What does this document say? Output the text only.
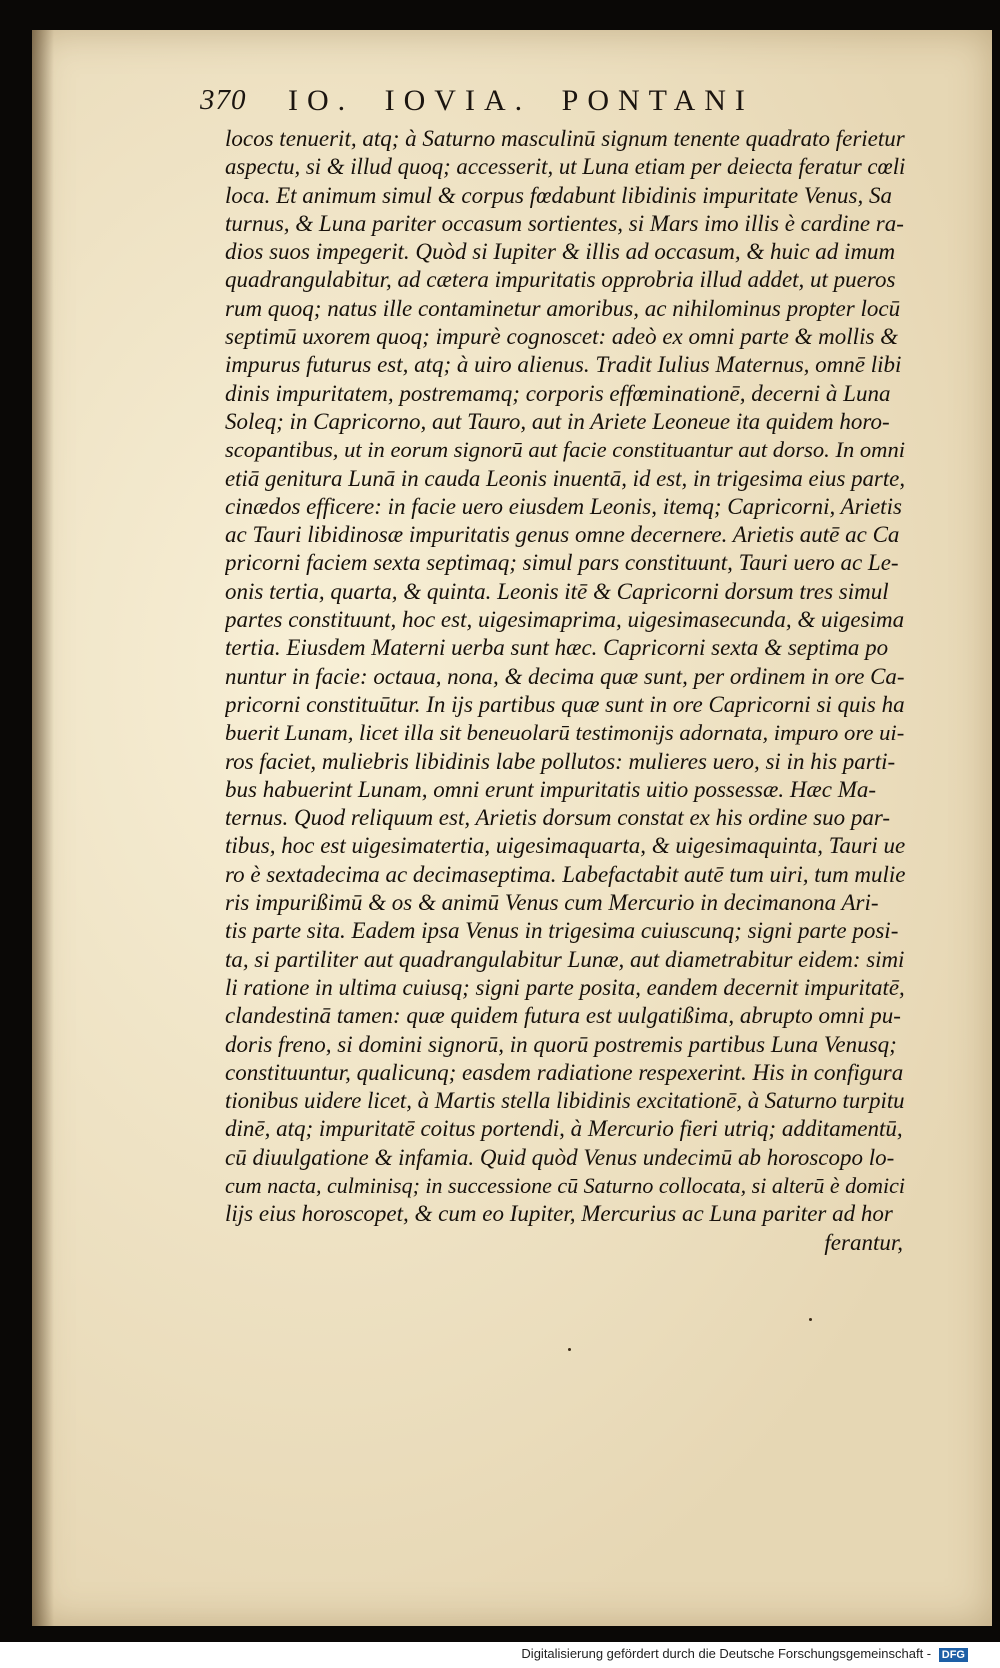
370 IO. IOVIA. PONTANI
locos tenuerit, atq; à Saturno masculinū signum tenente quadrato ferietur
aspectu, si & illud quoq; accesserit, ut Luna etiam per deiecta feratur cœli
loca. Et animum simul & corpus fœdabunt libidinis impuritate Venus, Sa
turnus, & Luna pariter occasum sortientes, si Mars imo illis è cardine ra-
dios suos impegerit. Quòd si Iupiter & illis ad occasum, & huic ad imum
quadrangulabitur, ad cætera impuritatis opprobria illud addet, ut pueros
rum quoq; natus ille contaminetur amoribus, ac nihilominus propter locū
septimū uxorem quoq; impurè cognoscet: adeò ex omni parte & mollis &
impurus futurus est, atq; à uiro alienus. Tradit Iulius Maternus, omnē libi
dinis impuritatem, postremamq; corporis effœminationē, decerni à Luna
Soleq; in Capricorno, aut Tauro, aut in Ariete Leoneue ita quidem horo-
scopantibus, ut in eorum signorū aut facie constituantur aut dorso. In omni
etiā genitura Lunā in cauda Leonis inuentā, id est, in trigesima eius parte,
cinædos efficere: in facie uero eiusdem Leonis, itemq; Capricorni, Arietis
ac Tauri libidinosæ impuritatis genus omne decernere. Arietis autē ac Ca
pricorni faciem sexta septimaq; simul pars constituunt, Tauri uero ac Le-
onis tertia, quarta, & quinta. Leonis itē & Capricorni dorsum tres simul
partes constituunt, hoc est, uigesimaprima, uigesimasecunda, & uigesima
tertia. Eiusdem Materni uerba sunt hæc. Capricorni sexta & septima po
nuntur in facie: octaua, nona, & decima quæ sunt, per ordinem in ore Ca-
pricorni constituūtur. In ijs partibus quæ sunt in ore Capricorni si quis ha
buerit Lunam, licet illa sit beneuolarū testimonijs adornata, impuro ore ui-
ros faciet, muliebris libidinis labe pollutos: mulieres uero, si in his parti-
bus habuerint Lunam, omni erunt impuritatis uitio possessæ. Hæc Ma-
ternus. Quod reliquum est, Arietis dorsum constat ex his ordine suo par-
tibus, hoc est uigesimatertia, uigesimaquarta, & uigesimaquinta, Tauri ue
ro è sextadecima ac decimaseptima. Labefactabit autē tum uiri, tum mulie
ris impurißimū & os & animū Venus cum Mercurio in decimanona Ari-
tis parte sita. Eadem ipsa Venus in trigesima cuiuscunq; signi parte posi-
ta, si partiliter aut quadrangulabitur Lunæ, aut diametrabitur eidem: simi
li ratione in ultima cuiusq; signi parte posita, eandem decernit impuritatē,
clandestinā tamen: quæ quidem futura est uulgatißima, abrupto omni pu-
doris freno, si domini signorū, in quorū postremis partibus Luna Venusq;
constituuntur, qualicunq; easdem radiatione respexerint. His in configura
tionibus uidere licet, à Martis stella libidinis excitationē, à Saturno turpitu
dinē, atq; impuritatē coitus portendi, à Mercurio fieri utriq; additamentū,
cū diuulgatione & infamia. Quid quòd Venus undecimū ab horoscopo lo-
cum nacta, culminisq; in successione cū Saturno collocata, si alterū è domici
lijs eius horoscopet, & cum eo Iupiter, Mercurius ac Luna pariter ad hor
ferantur,
Digitalisierung gefördert durch die Deutsche Forschungsgemeinschaft - DFG
